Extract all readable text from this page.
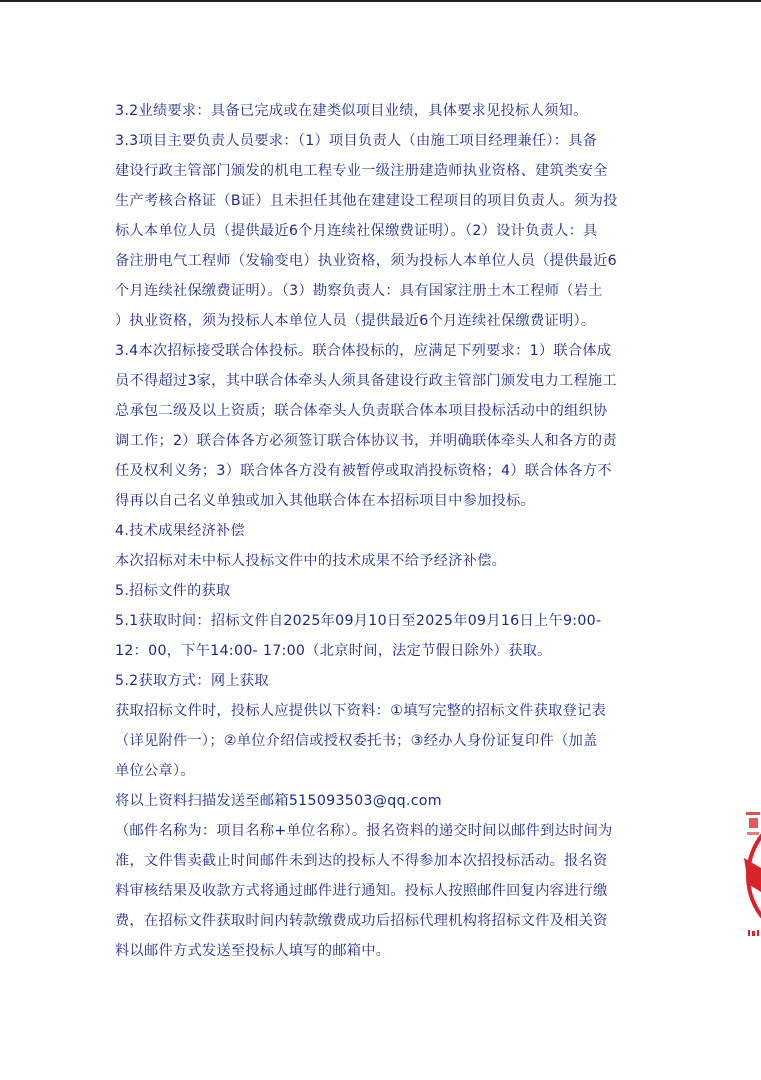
3.2业绩要求：具备已完成或在建类似项目业绩，具体要求见投标人须知。
3.3项目主要负责人员要求：（1）项目负责人（由施工项目经理兼任）：具备
建设行政主管部门颁发的机电工程专业一级注册建造师执业资格、建筑类安全
生产考核合格证（B证）且未担任其他在建建设工程项目的项目负责人。须为投
标人本单位人员（提供最近6个月连续社保缴费证明）。（2）设计负责人：具
备注册电气工程师（发输变电）执业资格，须为投标人本单位人员（提供最近6
个月连续社保缴费证明）。（3）勘察负责人：具有国家注册土木工程师（岩土
）执业资格，须为投标人本单位人员（提供最近6个月连续社保缴费证明）。
3.4本次招标接受联合体投标。联合体投标的，应满足下列要求：1）联合体成
员不得超过3家，其中联合体牵头人须具备建设行政主管部门颁发电力工程施工
总承包二级及以上资质；联合体牵头人负责联合体本项目投标活动中的组织协
调工作；2）联合体各方必须签订联合体协议书，并明确联体牵头人和各方的责
任及权利义务；3）联合体各方没有被暂停或取消投标资格；4）联合体各方不
得再以自己名义单独或加入其他联合体在本招标项目中参加投标。
4.技术成果经济补偿
本次招标对未中标人投标文件中的技术成果不给予经济补偿。
5.招标文件的获取
5.1获取时间：招标文件自2025年09月10日至2025年09月16日上午9:00-
12：00，下午14:00- 17:00（北京时间，法定节假日除外）获取。
5.2获取方式：网上获取
获取招标文件时，投标人应提供以下资料：①填写完整的招标文件获取登记表
（详见附件一）；②单位介绍信或授权委托书；③经办人身份证复印件（加盖
单位公章）。
将以上资料扫描发送至邮箱515093503@qq.com
（邮件名称为：项目名称+单位名称）。报名资料的递交时间以邮件到达时间为
准，文件售卖截止时间邮件未到达的投标人不得参加本次招投标活动。报名资
料审核结果及收款方式将通过邮件进行通知。投标人按照邮件回复内容进行缴
费，在招标文件获取时间内转款缴费成功后招标代理机构将招标文件及相关资
料以邮件方式发送至投标人填写的邮箱中。
